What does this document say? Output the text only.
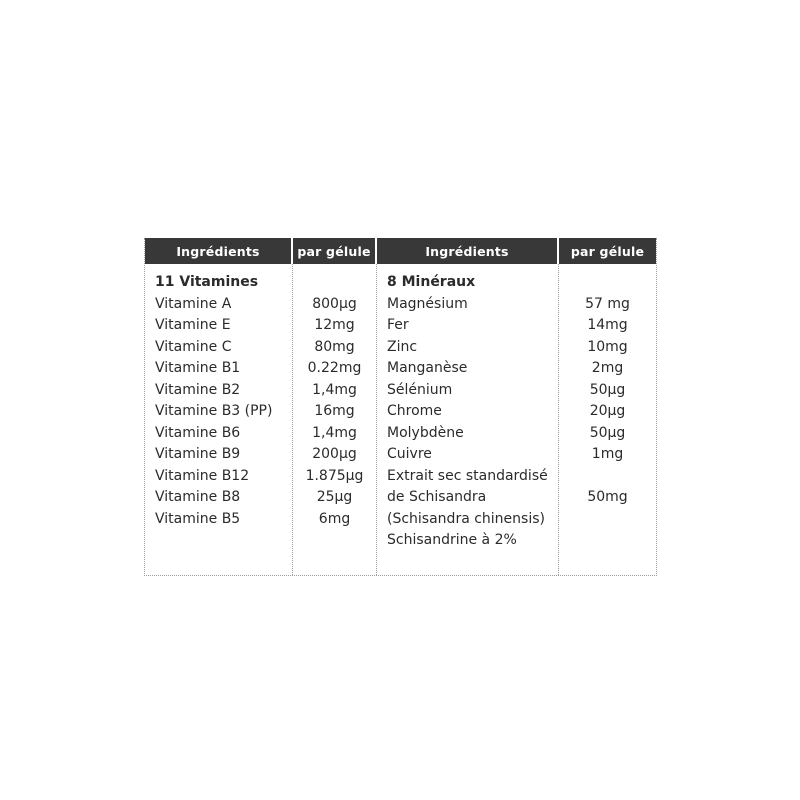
Ingrédients
11 Vitamines
Vitamine A
Vitamine E
Vitamine C
Vitamine B1
Vitamine B2
Vitamine B3 (PP)
Vitamine B6
Vitamine B9
Vitamine B12
Vitamine B8
Vitamine B5
par gélule
800µg
12mg
80mg
0.22mg
1,4mg
16mg
1,4mg
200µg
1.875µg
25µg
6mg
Ingrédients
8 Minéraux
Magnésium
Fer
Zinc
Manganèse
Sélénium
Chrome
Molybdène
Cuivre
Extrait sec standardisé
de Schisandra
(Schisandra chinensis)
Schisandrine à 2%
par gélule
57 mg
14mg
10mg
2mg
50µg
20µg
50µg
1mg
50mg
